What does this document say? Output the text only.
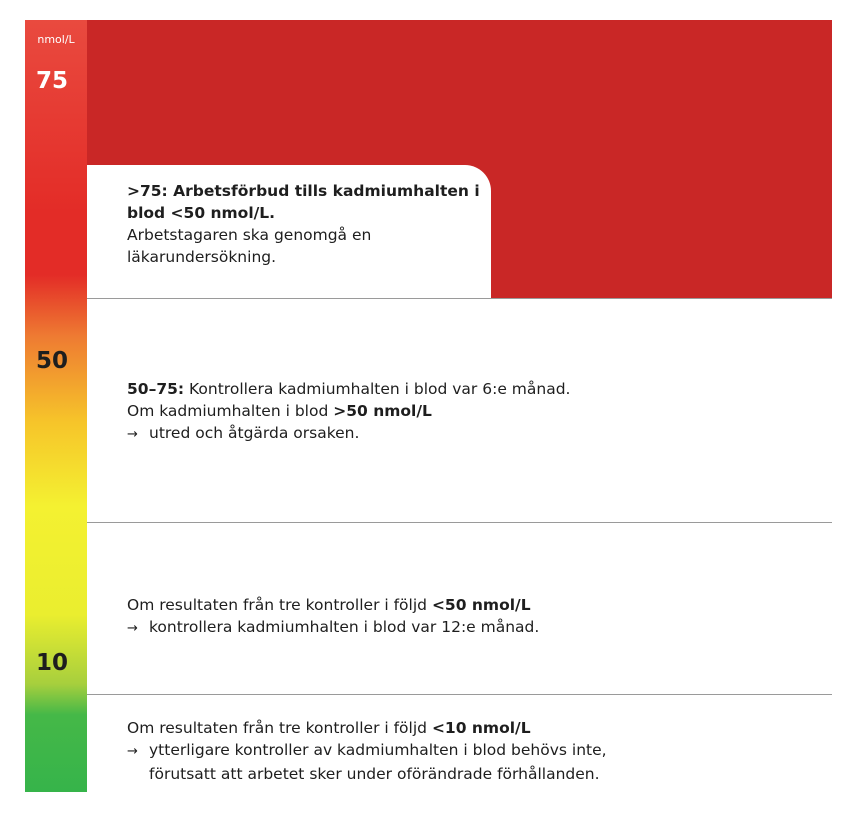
nmol/L
75
50
10
>75: Arbetsförbud tills kadmiumhalten i blod <50 nmol/L.
Arbetstagaren ska genomgå en läkarundersökning.
50–75: Kontrollera kadmiumhalten i blod var 6:e månad.
Om kadmiumhalten i blod >50 nmol/L
→ utred och åtgärda orsaken.
Om resultaten från tre kontroller i följd <50 nmol/L
→ kontrollera kadmiumhalten i blod var 12:e månad.
Om resultaten från tre kontroller i följd <10 nmol/L
→ ytterligare kontroller av kadmiumhalten i blod behövs inte,
förutsatt att arbetet sker under oförändrade förhållanden.
